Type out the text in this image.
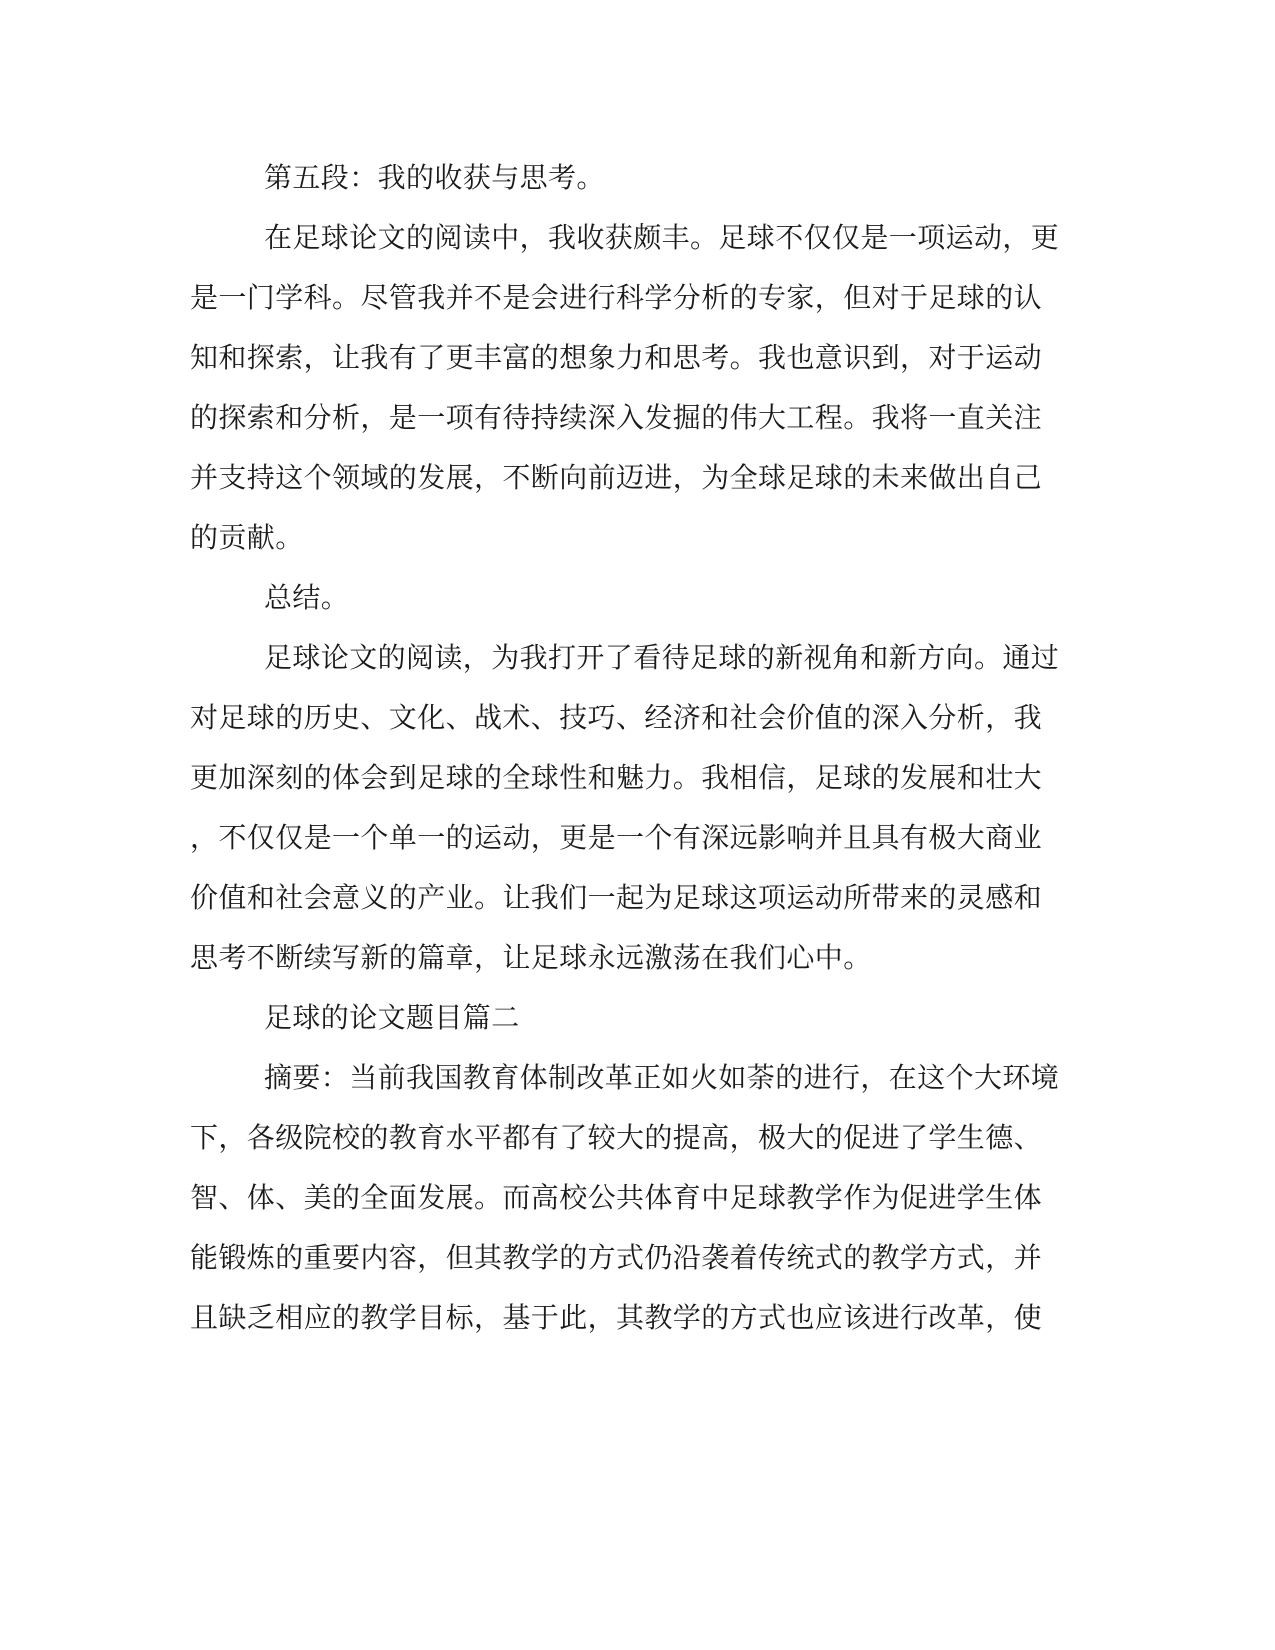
第五段：我的收获与思考。
在足球论文的阅读中，我收获颇丰。足球不仅仅是一项运动，更
是一门学科。尽管我并不是会进行科学分析的专家，但对于足球的认
知和探索，让我有了更丰富的想象力和思考。我也意识到，对于运动
的探索和分析，是一项有待持续深入发掘的伟大工程。我将一直关注
并支持这个领域的发展，不断向前迈进，为全球足球的未来做出自己
的贡献。
总结。
足球论文的阅读，为我打开了看待足球的新视角和新方向。通过
对足球的历史、文化、战术、技巧、经济和社会价值的深入分析，我
更加深刻的体会到足球的全球性和魅力。我相信，足球的发展和壮大
，不仅仅是一个单一的运动，更是一个有深远影响并且具有极大商业
价值和社会意义的产业。让我们一起为足球这项运动所带来的灵感和
思考不断续写新的篇章，让足球永远激荡在我们心中。
足球的论文题目篇二
摘要：当前我国教育体制改革正如火如荼的进行，在这个大环境
下，各级院校的教育水平都有了较大的提高，极大的促进了学生德、
智、体、美的全面发展。而高校公共体育中足球教学作为促进学生体
能锻炼的重要内容，但其教学的方式仍沿袭着传统式的教学方式，并
且缺乏相应的教学目标，基于此，其教学的方式也应该进行改革，使
